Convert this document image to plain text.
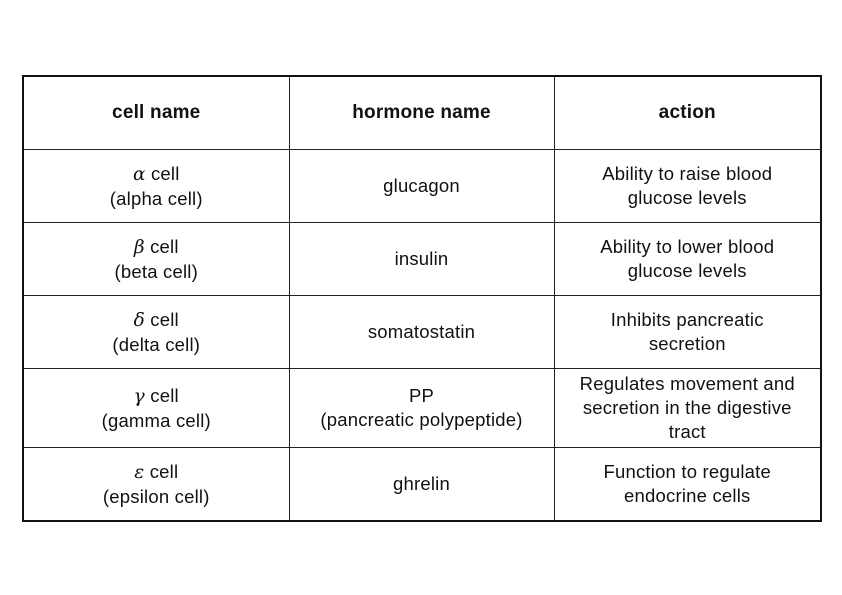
cell name	hormone name	action

α cell
(alpha cell)	glucagon	Ability to raise blood
glucose levels

β cell
(beta cell)	insulin	Ability to lower blood
glucose levels

δ cell
(delta cell)	somatostatin	Inhibits pancreatic
secretion

γ cell
(gamma cell)	PP
(pancreatic polypeptide)	Regulates movement and
secretion in the digestive
tract

ε cell
(epsilon cell)	ghrelin	Function to regulate
endocrine cells
